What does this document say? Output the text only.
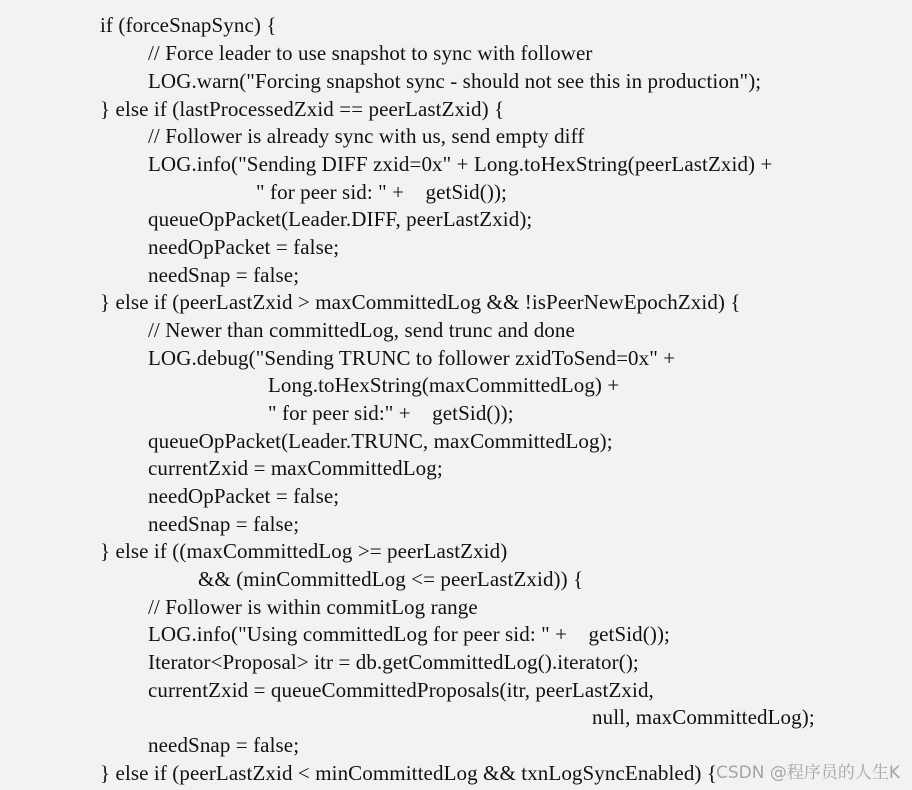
if (forceSnapSync) {
// Force leader to use snapshot to sync with follower
LOG.warn("Forcing snapshot sync - should not see this in production");
} else if (lastProcessedZxid == peerLastZxid) {
// Follower is already sync with us, send empty diff
LOG.info("Sending DIFF zxid=0x" + Long.toHexString(peerLastZxid) +
" for peer sid: " +    getSid());
queueOpPacket(Leader.DIFF, peerLastZxid);
needOpPacket = false;
needSnap = false;
} else if (peerLastZxid > maxCommittedLog && !isPeerNewEpochZxid) {
// Newer than committedLog, send trunc and done
LOG.debug("Sending TRUNC to follower zxidToSend=0x" +
Long.toHexString(maxCommittedLog) +
" for peer sid:" +    getSid());
queueOpPacket(Leader.TRUNC, maxCommittedLog);
currentZxid = maxCommittedLog;
needOpPacket = false;
needSnap = false;
} else if ((maxCommittedLog >= peerLastZxid)
&& (minCommittedLog <= peerLastZxid)) {
// Follower is within commitLog range
LOG.info("Using committedLog for peer sid: " +    getSid());
Iterator<Proposal> itr = db.getCommittedLog().iterator();
currentZxid = queueCommittedProposals(itr, peerLastZxid,
null, maxCommittedLog);
needSnap = false;
} else if (peerLastZxid < minCommittedLog && txnLogSyncEnabled) {
CSDN @程序员的人生K
